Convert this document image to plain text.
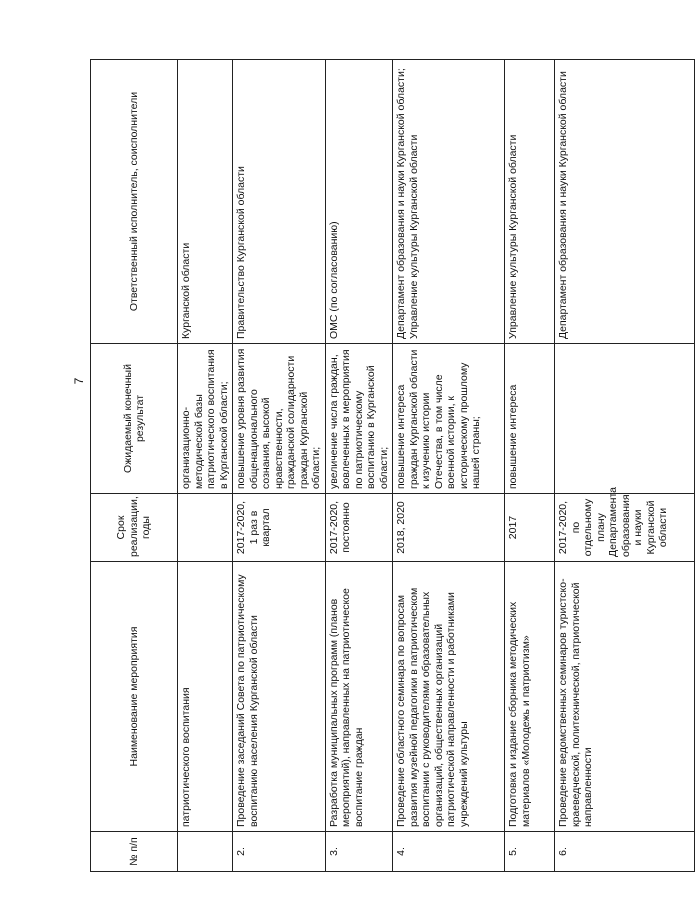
7
№ п/п	Наименование мероприятия	Срок реализации, годы	Ожидаемый конечный результат	Ответственный исполнитель, соисполнители
	патриотического воспитания		организационно-методической базы патриотического воспитания в Курганской области;	Курганской области
2.	Проведение заседаний Совета по патриотическому воспитанию населения Курганской области	2017-2020, 1 раз в квартал	повышение уровня развития общенационального сознания, высокой нравственности, гражданской солидарности граждан Курганской области;	Правительство Курганской области
3.	Разработка муниципальных программ (планов мероприятий), направленных на патриотическое воспитание граждан	2017-2020, постоянно	увеличение числа граждан, вовлеченных в мероприятия по патриотическому воспитанию в Курганской области;	ОМС (по согласованию)
4.	Проведение областного семинара по вопросам развития музейной педагогики в патриотическом воспитании с руководителями образовательных организаций, общественных организаций патриотической направленности и работниками учреждений культуры	2018, 2020	повышение интереса граждан Курганской области к изучению истории Отечества, в том числе военной истории, к историческому прошлому нашей страны;	Департамент образования и науки Курганской области; Управление культуры Курганской области
5.	Подготовка и издание сборника методических материалов «Молодежь и патриотизм»	2017	повышение интереса	Управление культуры Курганской области
6.	Проведение ведомственных семинаров туристско-краеведческой, политехнической, патриотической направленности	2017-2020, по отдельному плану Департамента образования и науки Курганской области		Департамент образования и науки Курганской области
